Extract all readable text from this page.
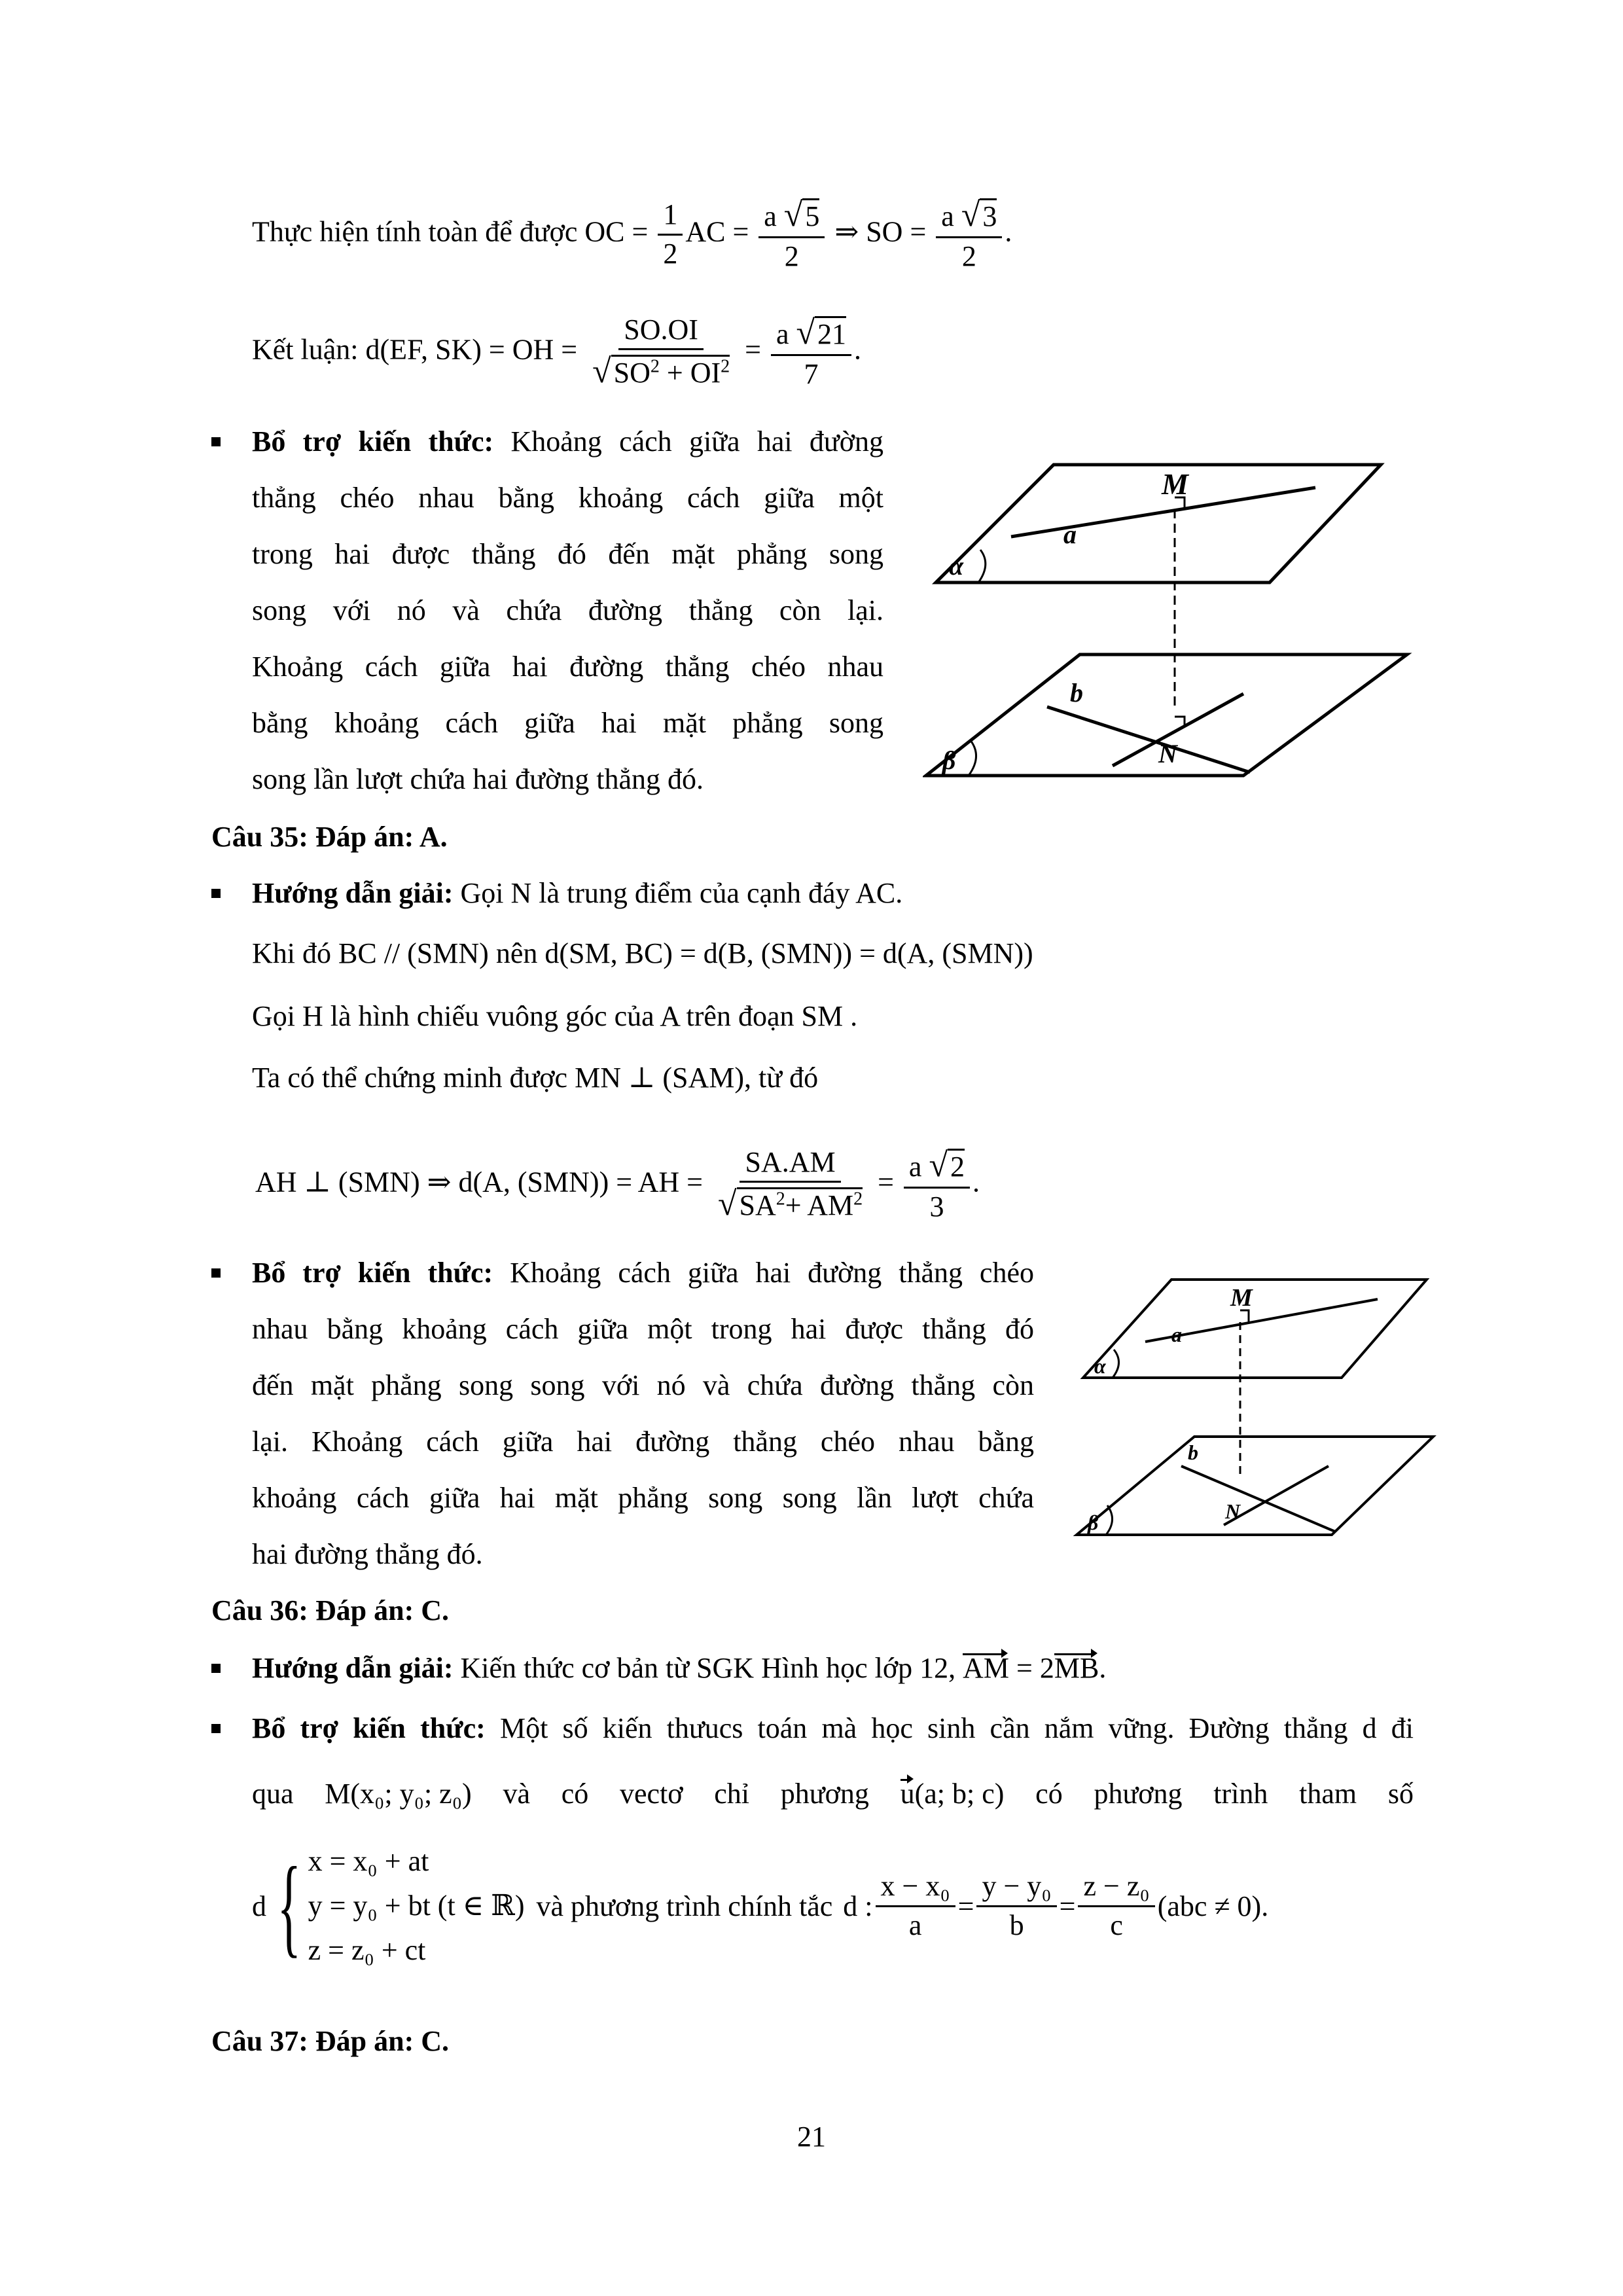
Thực hiện tính toàn để được OC = $\frac{1}{2}$ AC = $\frac{a √5}{2}$ ⇒ SO = $\frac{a √3}{2}$ .
Kết luận: d(EF, SK) = OH = $\frac{SO.OI}{√SO^2 + OI^2} = \frac{a √21}{7}$ .
Bổ trợ kiến thức: Khoảng cách giữa hai đường
thẳng chéo nhau bằng khoảng cách giữa một
trong hai được thẳng đó đến mặt phẳng song
song với nó và chứa đường thẳng còn lại.
Khoảng cách giữa hai đường thẳng chéo nhau
bằng khoảng cách giữa hai mặt phẳng song
song lần lượt chứa hai đường thẳng đó.
M
a
α
b
N
β
Câu 35: Đáp án: A.
Hướng dẫn giải: Gọi N là trung điểm của cạnh đáy AC.
Khi đó BC // (SMN) nên d(SM, BC) = d(B, (SMN)) = d(A, (SMN))
Gọi H là hình chiếu vuông góc của A trên đoạn SM .
Ta có thể chứng minh được MN ⊥ (SAM), từ đó
AH ⊥ (SMN) ⇒ d(A, (SMN)) = AH = $\frac{SA.AM}{√SA^2+ AM^2} = \frac{a √2}{3}$ .
Bổ trợ kiến thức: Khoảng cách giữa hai đường thẳng chéo
nhau bằng khoảng cách giữa một trong hai được thẳng đó
đến mặt phẳng song song với nó và chứa đường thẳng còn
lại. Khoảng cách giữa hai đường thẳng chéo nhau bằng
khoảng cách giữa hai mặt phẳng song song lần lượt chứa
hai đường thẳng đó.
M
a
α
b
N
β
Câu 36: Đáp án: C.
Hướng dẫn giải: Kiến thức cơ bản từ SGK Hình học lớp 12, AM = 2MB.
Bổ trợ kiến thức: Một số kiến thưucs toán mà học sinh cần nắm vững. Đường thẳng d đi
qua M(x₀; y₀; z₀) và có vectơ chỉ phương u(a; b; c) có phương trình tham số
d { x = x₀ + at
y = y₀ + bt (t ∈ ℝ)
z = z₀ + ct
và phương trình chính tắc d : $\frac{\text{x − x₀}}{a} = \frac{\text{y − y₀}}{b} = \frac{\text{z − z₀}}{c} (abc \ne 0)$ .
Câu 37: Đáp án: C.
21
